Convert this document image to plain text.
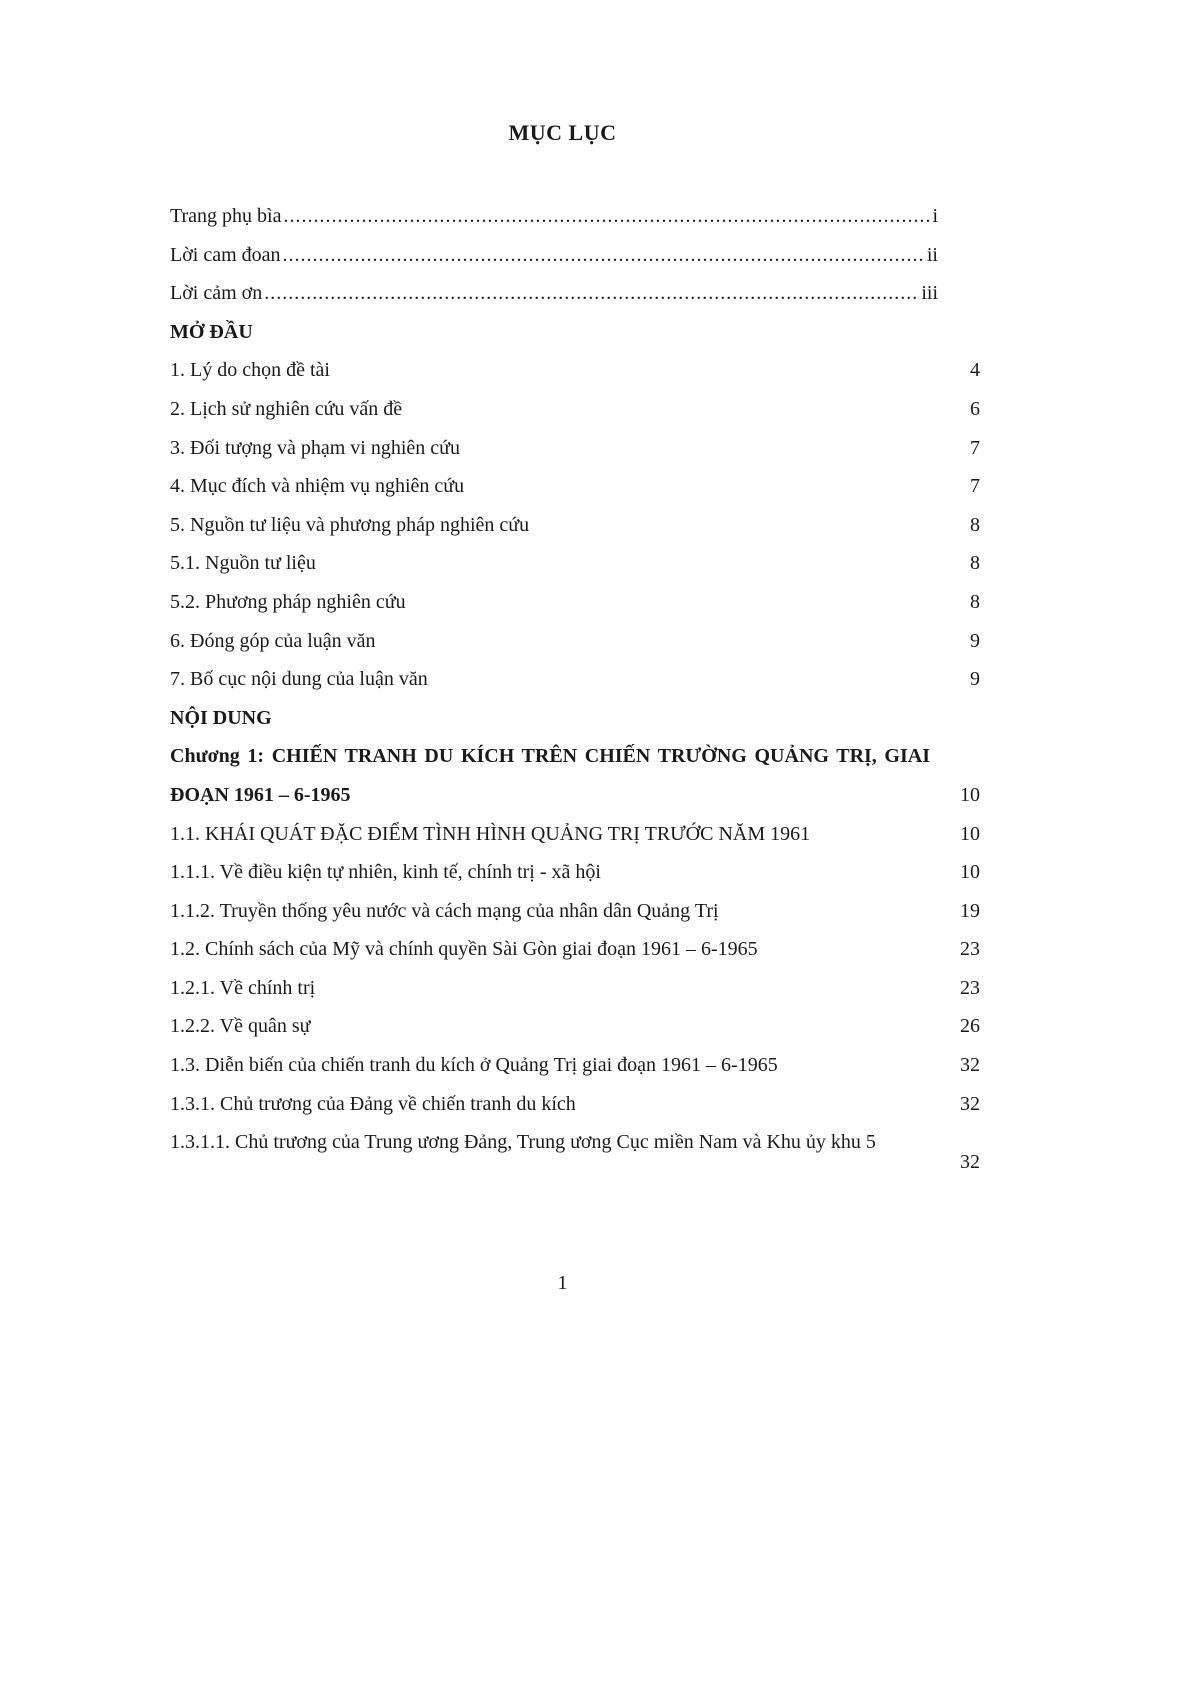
MỤC LỤC
Trang phụ bìa .....	i
Lời cam đoan .....	ii
Lời cảm ơn .....	iii
MỞ ĐẦU
1. Lý do chọn đề tài	4
2. Lịch sử nghiên cứu vấn đề	6
3. Đối tượng và phạm vi nghiên cứu	7
4. Mục đích và nhiệm vụ nghiên cứu	7
5. Nguồn tư liệu và phương pháp nghiên cứu	8
5.1. Nguồn tư liệu	8
5.2. Phương pháp nghiên cứu	8
6. Đóng góp của luận văn	9
7. Bố cục nội dung của luận văn	9
NỘI DUNG
Chương 1: CHIẾN TRANH DU KÍCH TRÊN CHIẾN TRƯỜNG QUẢNG TRỊ, GIAI ĐOẠN 1961 – 6-1965	10
1.1. KHÁI QUÁT ĐẶC ĐIỂM TÌNH HÌNH QUẢNG TRỊ TRƯỚC NĂM 1961	10
1.1.1. Về điều kiện tự nhiên, kinh tế, chính trị - xã hội	10
1.1.2. Truyền thống yêu nước và cách mạng của nhân dân Quảng Trị	19
1.2. Chính sách của Mỹ và chính quyền Sài Gòn giai đoạn 1961 – 6-1965	23
1.2.1. Về chính trị	23
1.2.2. Về quân sự	26
1.3. Diễn biến của chiến tranh du kích ở Quảng Trị giai đoạn 1961 – 6-1965	32
1.3.1. Chủ trương của Đảng về chiến tranh du kích	32
1.3.1.1. Chủ trương của Trung ương Đảng, Trung ương Cục miền Nam và Khu ủy khu 5
32
1
